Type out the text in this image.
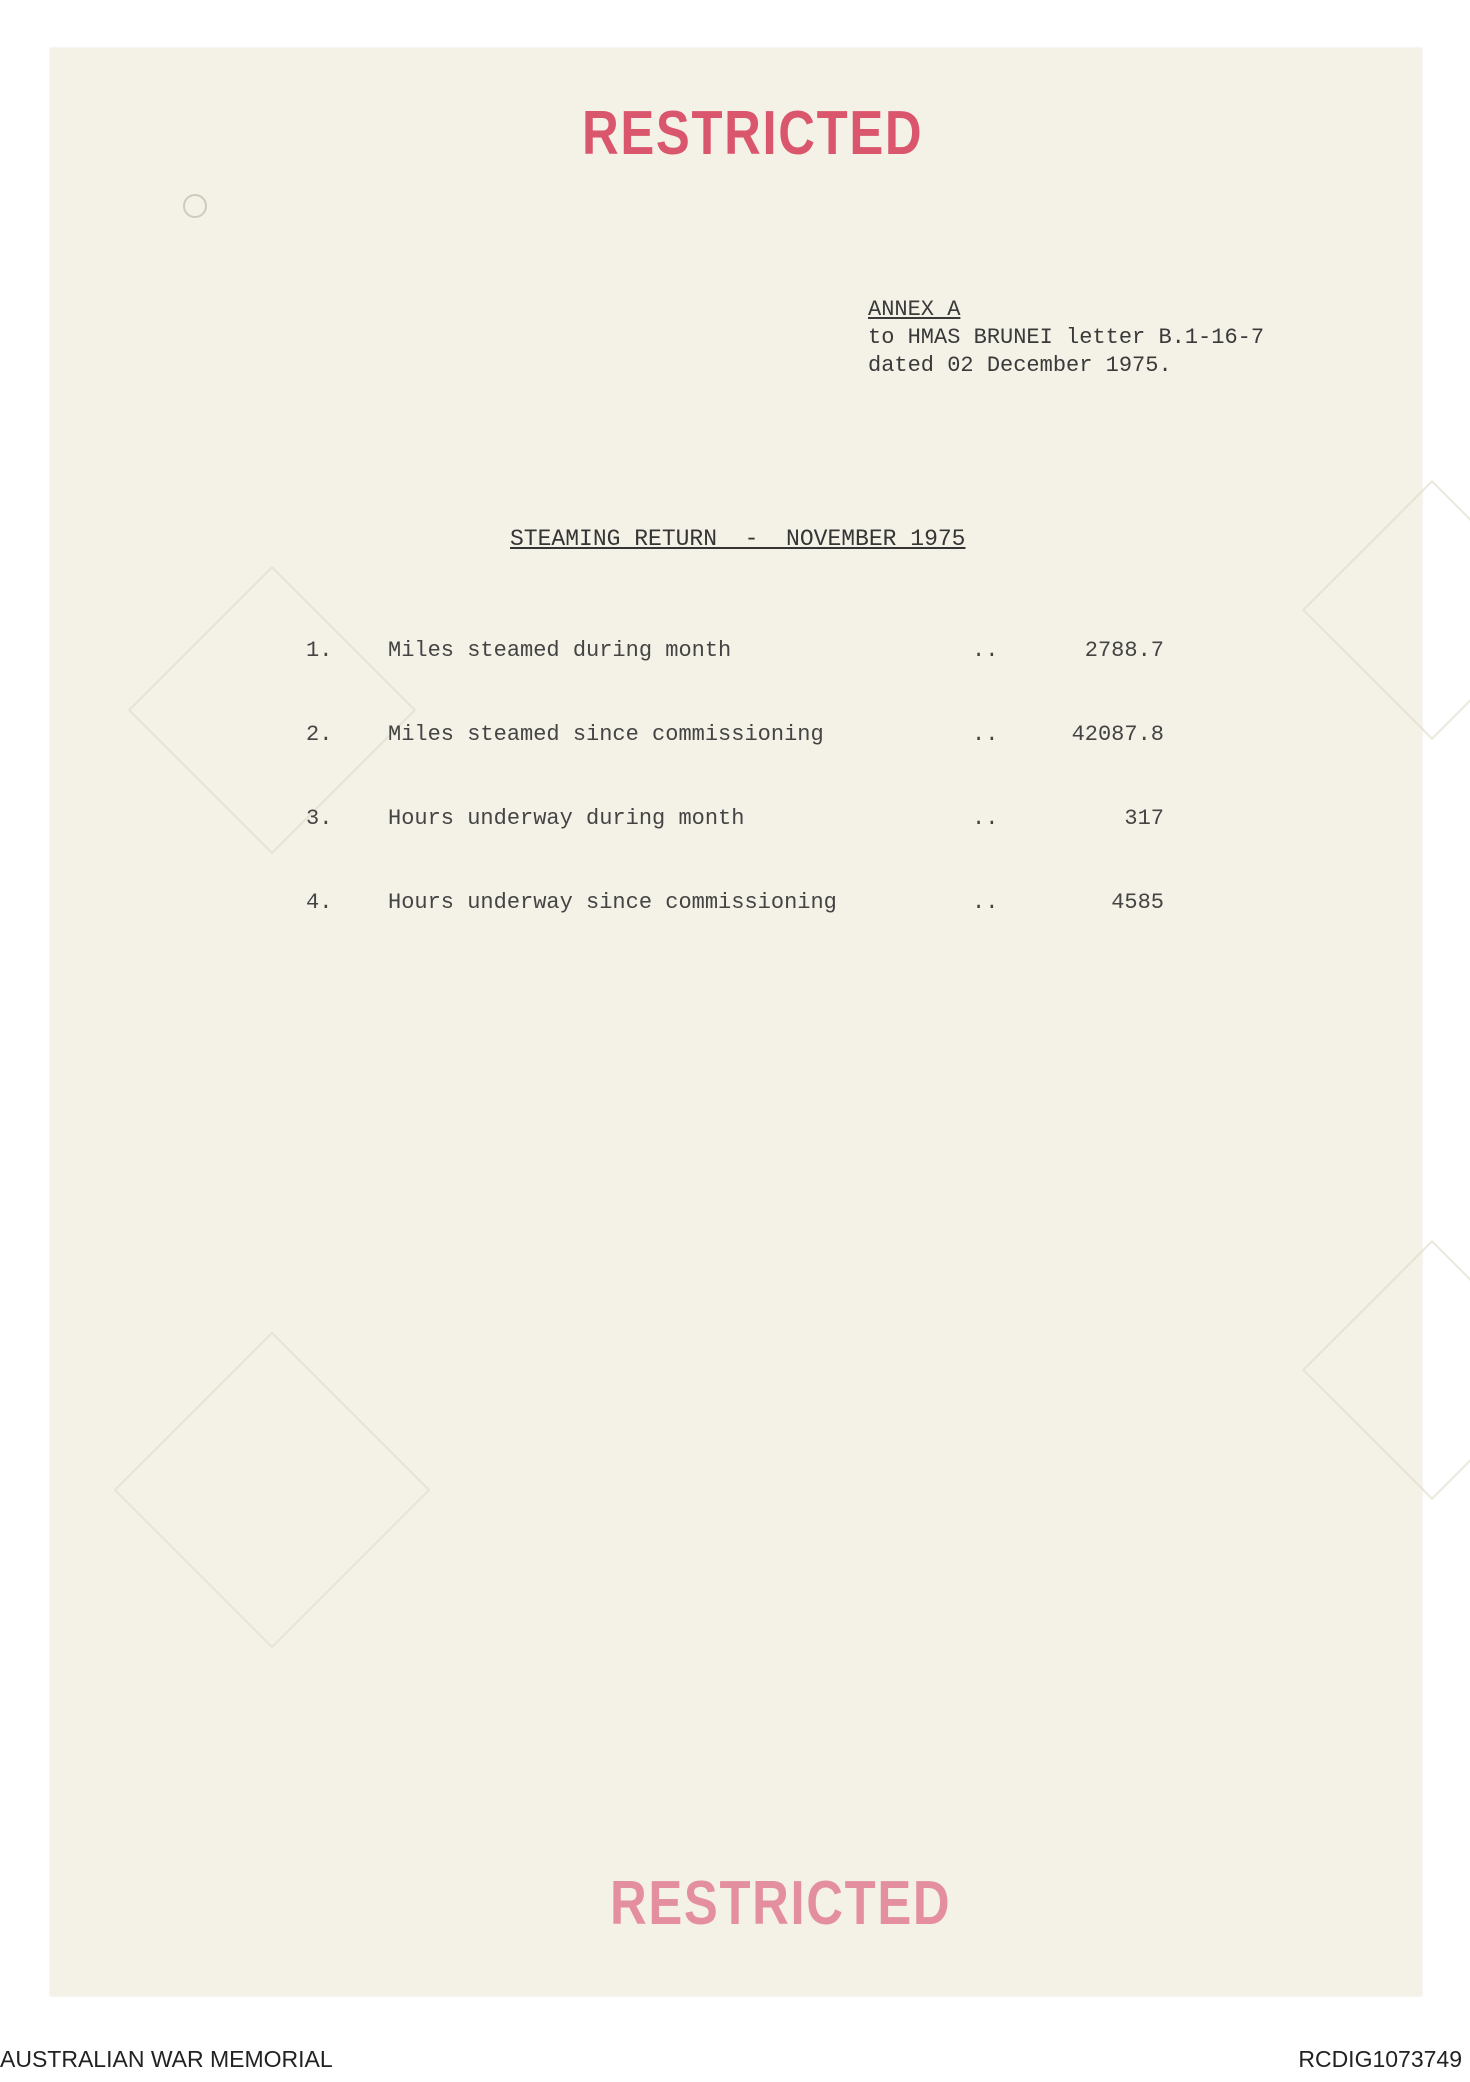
RESTRICTED
ANNEX A
to HMAS BRUNEI letter B.1-16-7
dated 02 December 1975.
STEAMING RETURN  -  NOVEMBER 1975
1.	Miles steamed during month	..	2788.7
2.	Miles steamed since commissioning	..	42087.8
3.	Hours underway during month	..	317
4.	Hours underway since commissioning	..	4585
RESTRICTED
AUSTRALIAN WAR MEMORIAL	RCDIG1073749
